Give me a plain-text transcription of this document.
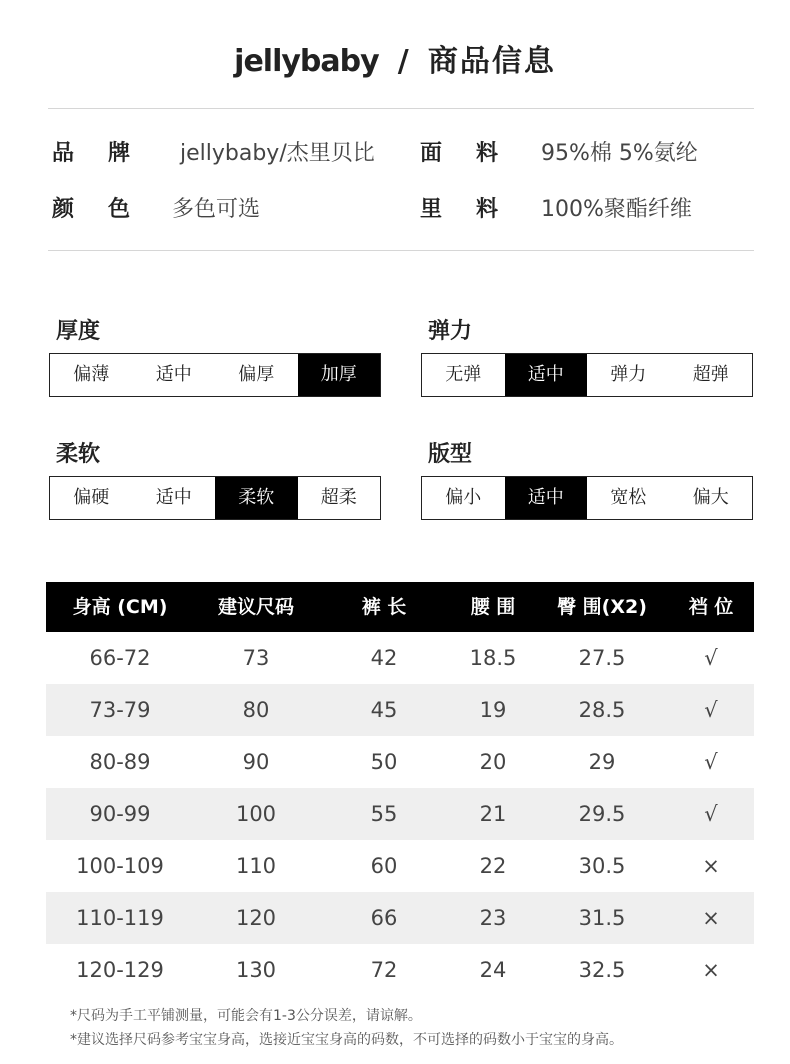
jellybaby / 商品信息
品牌 jellybaby/杰里贝比 面料 95%棉 5%氨纶
颜色 多色可选	里料 100%聚酯纤维
厚度
偏薄	适中	偏厚	加厚
弹力
无弹	适中	弹力	超弹
柔软
偏硬	适中	柔软	超柔
版型
偏小	适中	宽松	偏大
身高 (CM)	建议尺码	裤 长	腰 围	臀 围(X2)	裆 位
66-72	73	42	18.5	27.5	√
73-79	80	45	19	28.5	√
80-89	90	50	20	29	√
90-99	100	55	21	29.5	√
100-109	110	60	22	30.5	×
110-119	120	66	23	31.5	×
120-129	130	72	24	32.5	×
*尺码为手工平铺测量，可能会有1-3公分误差，请谅解。
*建议选择尺码参考宝宝身高，选接近宝宝身高的码数，不可选择的码数小于宝宝的身高。
